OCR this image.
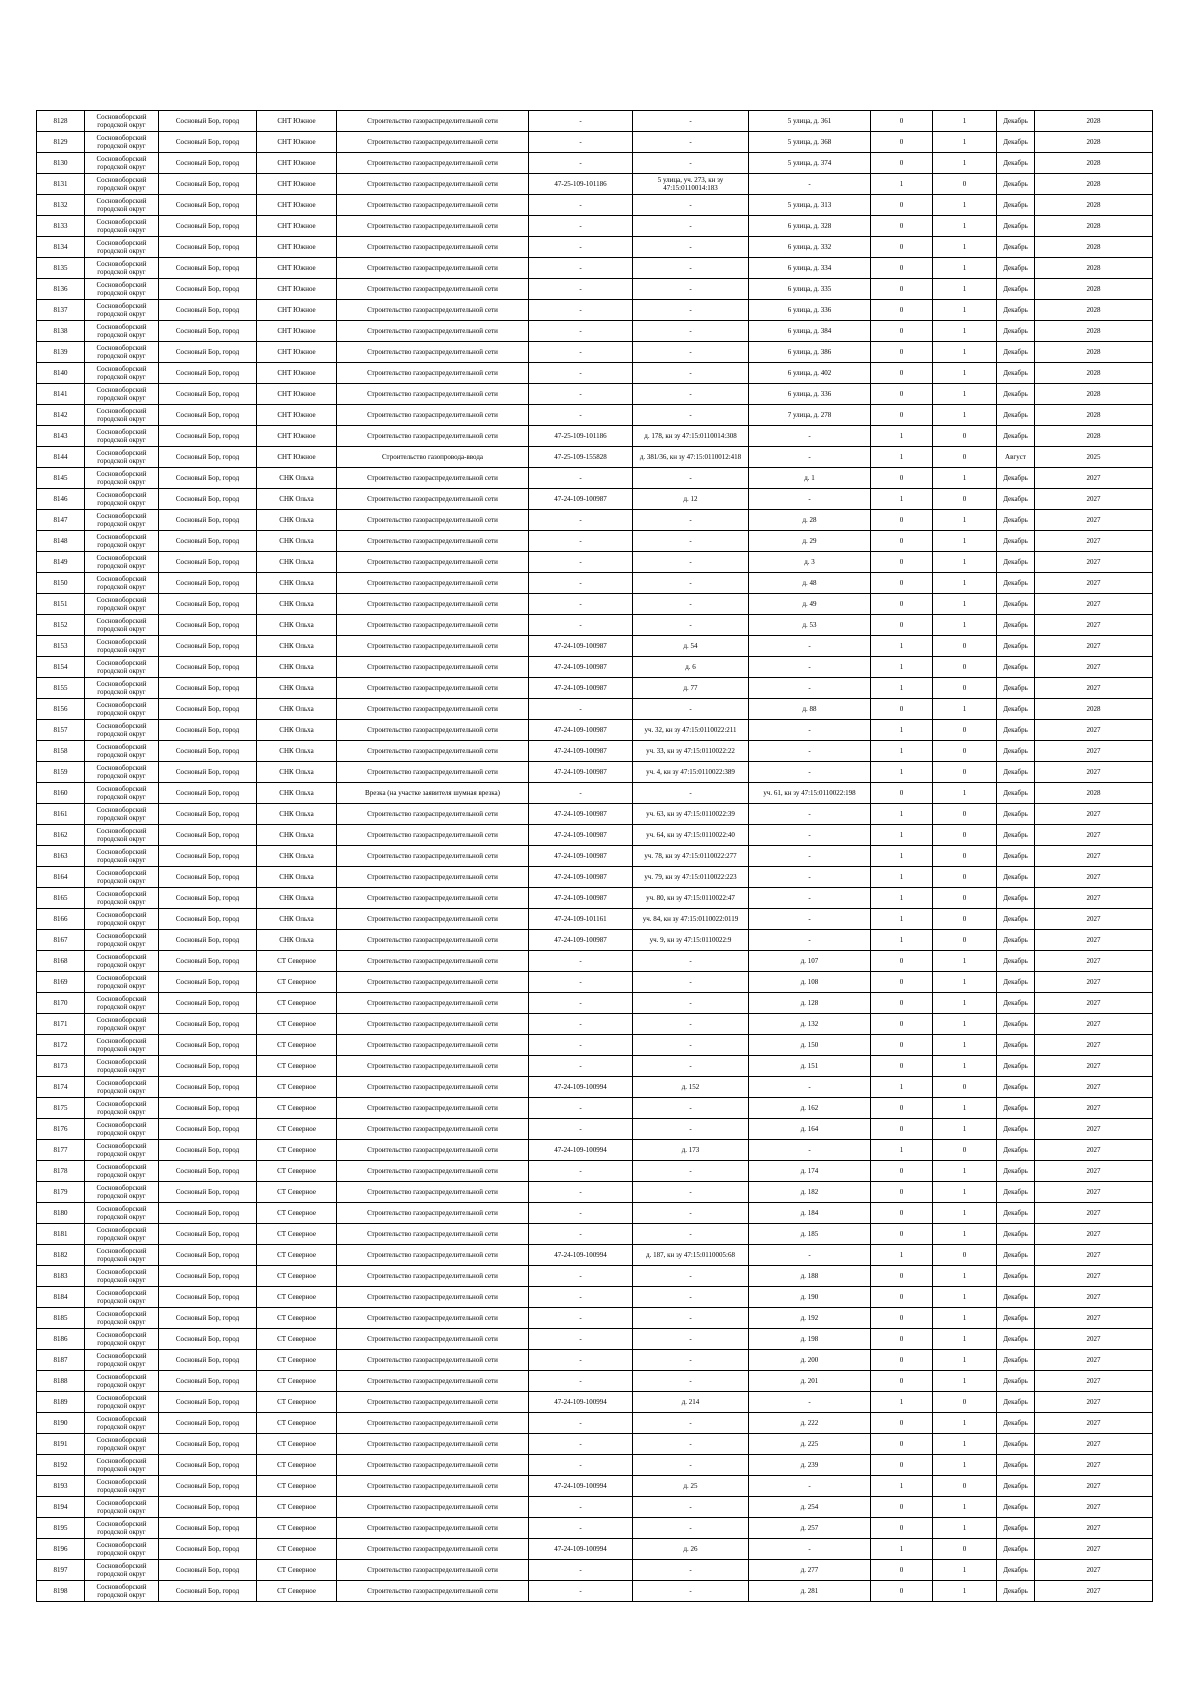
8128	Сосновоборский городской округ	Сосновый Бор, город	СНТ Южное	Строительство газораспределительной сети	-	-	5 улица, д. 361	0	1	Декабрь	2028
8129	Сосновоборский городской округ	Сосновый Бор, город	СНТ Южное	Строительство газораспределительной сети	-	-	5 улица, д. 368	0	1	Декабрь	2028
8130	Сосновоборский городской округ	Сосновый Бор, город	СНТ Южное	Строительство газораспределительной сети	-	-	5 улица, д. 374	0	1	Декабрь	2028
8131	Сосновоборский городской округ	Сосновый Бор, город	СНТ Южное	Строительство газораспределительной сети	47-25-109-101186	5 улица, уч. 273, кн зу 47:15:0110014:183	-	1	0	Декабрь	2028
8132	Сосновоборский городской округ	Сосновый Бор, город	СНТ Южное	Строительство газораспределительной сети	-	-	5 улица, д. 313	0	1	Декабрь	2028
8133	Сосновоборский городской округ	Сосновый Бор, город	СНТ Южное	Строительство газораспределительной сети	-	-	6 улица, д. 328	0	1	Декабрь	2028
8134	Сосновоборский городской округ	Сосновый Бор, город	СНТ Южное	Строительство газораспределительной сети	-	-	6 улица, д. 332	0	1	Декабрь	2028
8135	Сосновоборский городской округ	Сосновый Бор, город	СНТ Южное	Строительство газораспределительной сети	-	-	6 улица, д. 334	0	1	Декабрь	2028
8136	Сосновоборский городской округ	Сосновый Бор, город	СНТ Южное	Строительство газораспределительной сети	-	-	6 улица, д. 335	0	1	Декабрь	2028
8137	Сосновоборский городской округ	Сосновый Бор, город	СНТ Южное	Строительство газораспределительной сети	-	-	6 улица, д. 336	0	1	Декабрь	2028
8138	Сосновоборский городской округ	Сосновый Бор, город	СНТ Южное	Строительство газораспределительной сети	-	-	6 улица, д. 384	0	1	Декабрь	2028
8139	Сосновоборский городской округ	Сосновый Бор, город	СНТ Южное	Строительство газораспределительной сети	-	-	6 улица, д. 386	0	1	Декабрь	2028
8140	Сосновоборский городской округ	Сосновый Бор, город	СНТ Южное	Строительство газораспределительной сети	-	-	6 улица, д. 402	0	1	Декабрь	2028
8141	Сосновоборский городской округ	Сосновый Бор, город	СНТ Южное	Строительство газораспределительной сети	-	-	6 улица, д. 336	0	1	Декабрь	2028
8142	Сосновоборский городской округ	Сосновый Бор, город	СНТ Южное	Строительство газораспределительной сети	-	-	7 улица, д. 278	0	1	Декабрь	2028
8143	Сосновоборский городской округ	Сосновый Бор, город	СНТ Южное	Строительство газораспределительной сети	47-25-109-101186	д. 178, кн зу 47:15:0110014:308	-	1	0	Декабрь	2028
8144	Сосновоборский городской округ	Сосновый Бор, город	СНТ Южное	Строительство газопровода-ввода	47-25-109-155828	д. 381/36, кн зу 47:15:0110012:418	-	1	0	Август	2025
8145	Сосновоборский городской округ	Сосновый Бор, город	СНК Ольха	Строительство газораспределительной сети	-	-	д. 1	0	1	Декабрь	2027
8146	Сосновоборский городской округ	Сосновый Бор, город	СНК Ольха	Строительство газораспределительной сети	47-24-109-100987	д. 12	-	1	0	Декабрь	2027
8147	Сосновоборский городской округ	Сосновый Бор, город	СНК Ольха	Строительство газораспределительной сети	-	-	д. 28	0	1	Декабрь	2027
8148	Сосновоборский городской округ	Сосновый Бор, город	СНК Ольха	Строительство газораспределительной сети	-	-	д. 29	0	1	Декабрь	2027
8149	Сосновоборский городской округ	Сосновый Бор, город	СНК Ольха	Строительство газораспределительной сети	-	-	д. 3	0	1	Декабрь	2027
8150	Сосновоборский городской округ	Сосновый Бор, город	СНК Ольха	Строительство газораспределительной сети	-	-	д. 48	0	1	Декабрь	2027
8151	Сосновоборский городской округ	Сосновый Бор, город	СНК Ольха	Строительство газораспределительной сети	-	-	д. 49	0	1	Декабрь	2027
8152	Сосновоборский городской округ	Сосновый Бор, город	СНК Ольха	Строительство газораспределительной сети	-	-	д. 53	0	1	Декабрь	2027
8153	Сосновоборский городской округ	Сосновый Бор, город	СНК Ольха	Строительство газораспределительной сети	47-24-109-100987	д. 54	-	1	0	Декабрь	2027
8154	Сосновоборский городской округ	Сосновый Бор, город	СНК Ольха	Строительство газораспределительной сети	47-24-109-100987	д. 6	-	1	0	Декабрь	2027
8155	Сосновоборский городской округ	Сосновый Бор, город	СНК Ольха	Строительство газораспределительной сети	47-24-109-100987	д. 77	-	1	0	Декабрь	2027
8156	Сосновоборский городской округ	Сосновый Бор, город	СНК Ольха	Строительство газораспределительной сети	-	-	д. 88	0	1	Декабрь	2028
8157	Сосновоборский городской округ	Сосновый Бор, город	СНК Ольха	Строительство газораспределительной сети	47-24-109-100987	уч. 32, кн зу 47:15:0110022:211	-	1	0	Декабрь	2027
8158	Сосновоборский городской округ	Сосновый Бор, город	СНК Ольха	Строительство газораспределительной сети	47-24-109-100987	уч. 33, кн зу 47:15:0110022:22	-	1	0	Декабрь	2027
8159	Сосновоборский городской округ	Сосновый Бор, город	СНК Ольха	Строительство газораспределительной сети	47-24-109-100987	уч. 4, кн зу 47:15:0110022:389	-	1	0	Декабрь	2027
8160	Сосновоборский городской округ	Сосновый Бор, город	СНК Ольха	Врезка (на участке заявителя шумная врезка)	-	-	уч. 61, кн зу 47:15:0110022:198	0	1	Декабрь	2028
8161	Сосновоборский городской округ	Сосновый Бор, город	СНК Ольха	Строительство газораспределительной сети	47-24-109-100987	уч. 63, кн зу 47:15:0110022:39	-	1	0	Декабрь	2027
8162	Сосновоборский городской округ	Сосновый Бор, город	СНК Ольха	Строительство газораспределительной сети	47-24-109-100987	уч. 64, кн зу 47:15:0110022:40	-	1	0	Декабрь	2027
8163	Сосновоборский городской округ	Сосновый Бор, город	СНК Ольха	Строительство газораспределительной сети	47-24-109-100987	уч. 78, кн зу 47:15:0110022:277	-	1	0	Декабрь	2027
8164	Сосновоборский городской округ	Сосновый Бор, город	СНК Ольха	Строительство газораспределительной сети	47-24-109-100987	уч. 79, кн зу 47:15:0110022:223	-	1	0	Декабрь	2027
8165	Сосновоборский городской округ	Сосновый Бор, город	СНК Ольха	Строительство газораспределительной сети	47-24-109-100987	уч. 80, кн зу 47:15:0110022:47	-	1	0	Декабрь	2027
8166	Сосновоборский городской округ	Сосновый Бор, город	СНК Ольха	Строительство газораспределительной сети	47-24-109-101161	уч. 84, кн зу 47:15:0110022:0119	-	1	0	Декабрь	2027
8167	Сосновоборский городской округ	Сосновый Бор, город	СНК Ольха	Строительство газораспределительной сети	47-24-109-100987	уч. 9, кн зу 47:15:0110022:9	-	1	0	Декабрь	2027
8168	Сосновоборский городской округ	Сосновый Бор, город	СТ Северное	Строительство газораспределительной сети	-	-	д. 107	0	1	Декабрь	2027
8169	Сосновоборский городской округ	Сосновый Бор, город	СТ Северное	Строительство газораспределительной сети	-	-	д. 108	0	1	Декабрь	2027
8170	Сосновоборский городской округ	Сосновый Бор, город	СТ Северное	Строительство газораспределительной сети	-	-	д. 128	0	1	Декабрь	2027
8171	Сосновоборский городской округ	Сосновый Бор, город	СТ Северное	Строительство газораспределительной сети	-	-	д. 132	0	1	Декабрь	2027
8172	Сосновоборский городской округ	Сосновый Бор, город	СТ Северное	Строительство газораспределительной сети	-	-	д. 150	0	1	Декабрь	2027
8173	Сосновоборский городской округ	Сосновый Бор, город	СТ Северное	Строительство газораспределительной сети	-	-	д. 151	0	1	Декабрь	2027
8174	Сосновоборский городской округ	Сосновый Бор, город	СТ Северное	Строительство газораспределительной сети	47-24-109-100994	д. 152	-	1	0	Декабрь	2027
8175	Сосновоборский городской округ	Сосновый Бор, город	СТ Северное	Строительство газораспределительной сети	-	-	д. 162	0	1	Декабрь	2027
8176	Сосновоборский городской округ	Сосновый Бор, город	СТ Северное	Строительство газораспределительной сети	-	-	д. 164	0	1	Декабрь	2027
8177	Сосновоборский городской округ	Сосновый Бор, город	СТ Северное	Строительство газораспределительной сети	47-24-109-100994	д. 173	-	1	0	Декабрь	2027
8178	Сосновоборский городской округ	Сосновый Бор, город	СТ Северное	Строительство газораспределительной сети	-	-	д. 174	0	1	Декабрь	2027
8179	Сосновоборский городской округ	Сосновый Бор, город	СТ Северное	Строительство газораспределительной сети	-	-	д. 182	0	1	Декабрь	2027
8180	Сосновоборский городской округ	Сосновый Бор, город	СТ Северное	Строительство газораспределительной сети	-	-	д. 184	0	1	Декабрь	2027
8181	Сосновоборский городской округ	Сосновый Бор, город	СТ Северное	Строительство газораспределительной сети	-	-	д. 185	0	1	Декабрь	2027
8182	Сосновоборский городской округ	Сосновый Бор, город	СТ Северное	Строительство газораспределительной сети	47-24-109-100994	д. 187, кн зу 47:15:0110005:68	-	1	0	Декабрь	2027
8183	Сосновоборский городской округ	Сосновый Бор, город	СТ Северное	Строительство газораспределительной сети	-	-	д. 188	0	1	Декабрь	2027
8184	Сосновоборский городской округ	Сосновый Бор, город	СТ Северное	Строительство газораспределительной сети	-	-	д. 190	0	1	Декабрь	2027
8185	Сосновоборский городской округ	Сосновый Бор, город	СТ Северное	Строительство газораспределительной сети	-	-	д. 192	0	1	Декабрь	2027
8186	Сосновоборский городской округ	Сосновый Бор, город	СТ Северное	Строительство газораспределительной сети	-	-	д. 198	0	1	Декабрь	2027
8187	Сосновоборский городской округ	Сосновый Бор, город	СТ Северное	Строительство газораспределительной сети	-	-	д. 200	0	1	Декабрь	2027
8188	Сосновоборский городской округ	Сосновый Бор, город	СТ Северное	Строительство газораспределительной сети	-	-	д. 201	0	1	Декабрь	2027
8189	Сосновоборский городской округ	Сосновый Бор, город	СТ Северное	Строительство газораспределительной сети	47-24-109-100994	д. 214	-	1	0	Декабрь	2027
8190	Сосновоборский городской округ	Сосновый Бор, город	СТ Северное	Строительство газораспределительной сети	-	-	д. 222	0	1	Декабрь	2027
8191	Сосновоборский городской округ	Сосновый Бор, город	СТ Северное	Строительство газораспределительной сети	-	-	д. 225	0	1	Декабрь	2027
8192	Сосновоборский городской округ	Сосновый Бор, город	СТ Северное	Строительство газораспределительной сети	-	-	д. 239	0	1	Декабрь	2027
8193	Сосновоборский городской округ	Сосновый Бор, город	СТ Северное	Строительство газораспределительной сети	47-24-109-100994	д. 25	-	1	0	Декабрь	2027
8194	Сосновоборский городской округ	Сосновый Бор, город	СТ Северное	Строительство газораспределительной сети	-	-	д. 254	0	1	Декабрь	2027
8195	Сосновоборский городской округ	Сосновый Бор, город	СТ Северное	Строительство газораспределительной сети	-	-	д. 257	0	1	Декабрь	2027
8196	Сосновоборский городской округ	Сосновый Бор, город	СТ Северное	Строительство газораспределительной сети	47-24-109-100994	д. 26	-	1	0	Декабрь	2027
8197	Сосновоборский городской округ	Сосновый Бор, город	СТ Северное	Строительство газораспределительной сети	-	-	д. 277	0	1	Декабрь	2027
8198	Сосновоборский городской округ	Сосновый Бор, город	СТ Северное	Строительство газораспределительной сети	-	-	д. 281	0	1	Декабрь	2027
